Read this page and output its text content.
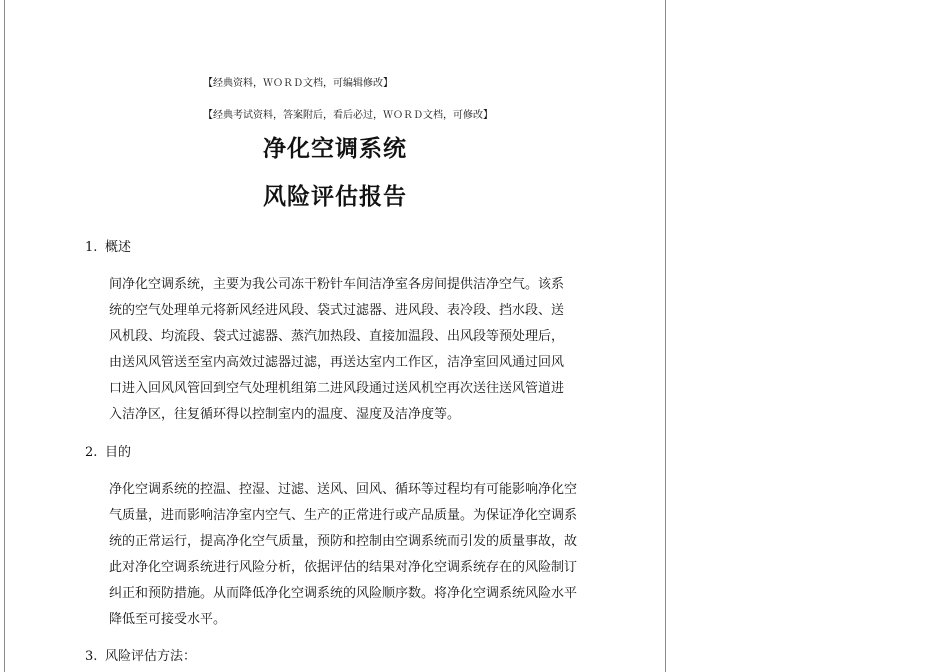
【经典资料，ＷＯＲＤ文档，可编辑修改】
【经典考试资料，答案附后，看后必过，ＷＯＲＤ文档，可修改】
净化空调系统
风险评估报告
1. 概述
间净化空调系统，主要为我公司冻干粉针车间洁净室各房间提供洁净空气。该系
统的空气处理单元将新风经进风段、袋式过滤器、进风段、表冷段、挡水段、送
风机段、均流段、袋式过滤器、蒸汽加热段、直接加温段、出风段等预处理后，
由送风风管送至室内高效过滤器过滤，再送达室内工作区，洁净室回风通过回风
口进入回风风管回到空气处理机组第二进风段通过送风机空再次送往送风管道进
入洁净区，往复循环得以控制室内的温度、湿度及洁净度等。
2. 目的
净化空调系统的控温、控湿、过滤、送风、回风、循环等过程均有可能影响净化空
气质量，进而影响洁净室内空气、生产的正常进行或产品质量。为保证净化空调系
统的正常运行，提高净化空气质量，预防和控制由空调系统而引发的质量事故，故
此对净化空调系统进行风险分析，依据评估的结果对净化空调系统存在的风险制订
纠正和预防措施。从而降低净化空调系统的风险顺序数。将净化空调系统风险水平
降低至可接受水平。
3. 风险评估方法：
